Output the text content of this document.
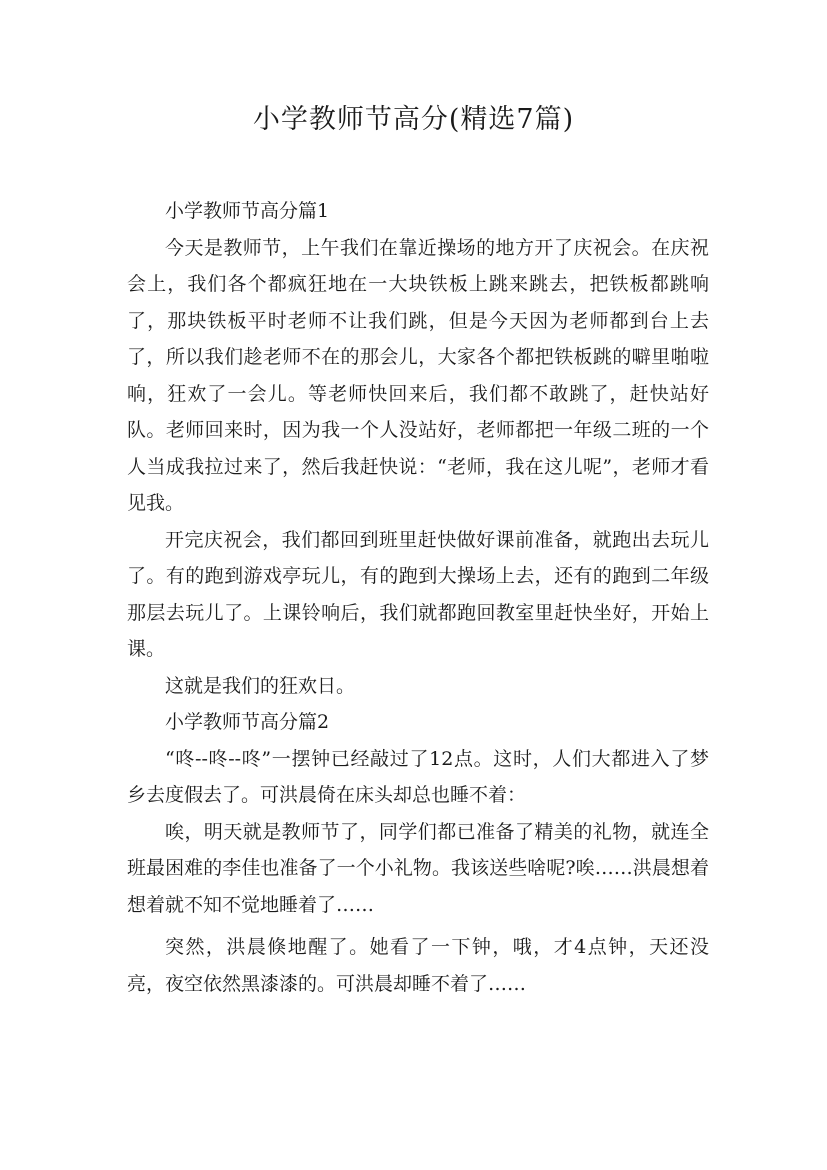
小学教师节高分(精选7篇)

小学教师节高分篇1

今天是教师节，上午我们在靠近操场的地方开了庆祝会。在庆祝会上，我们各个都疯狂地在一大块铁板上跳来跳去，把铁板都跳响了，那块铁板平时老师不让我们跳，但是今天因为老师都到台上去了，所以我们趁老师不在的那会儿，大家各个都把铁板跳的噼里啪啦响，狂欢了一会儿。等老师快回来后，我们都不敢跳了，赶快站好队。老师回来时，因为我一个人没站好，老师都把一年级二班的一个人当成我拉过来了，然后我赶快说：“老师，我在这儿呢”，老师才看见我。

开完庆祝会，我们都回到班里赶快做好课前准备，就跑出去玩儿了。有的跑到游戏亭玩儿，有的跑到大操场上去，还有的跑到二年级那层去玩儿了。上课铃响后，我们就都跑回教室里赶快坐好，开始上课。

这就是我们的狂欢日。

小学教师节高分篇2

“咚--咚--咚”一摆钟已经敲过了12点。这时，人们大都进入了梦乡去度假去了。可洪晨倚在床头却总也睡不着：

唉，明天就是教师节了，同学们都已准备了精美的礼物，就连全班最困难的李佳也准备了一个小礼物。我该送些啥呢?唉……洪晨想着想着就不知不觉地睡着了……

突然，洪晨倏地醒了。她看了一下钟，哦，才4点钟，天还没亮，夜空依然黑漆漆的。可洪晨却睡不着了……
